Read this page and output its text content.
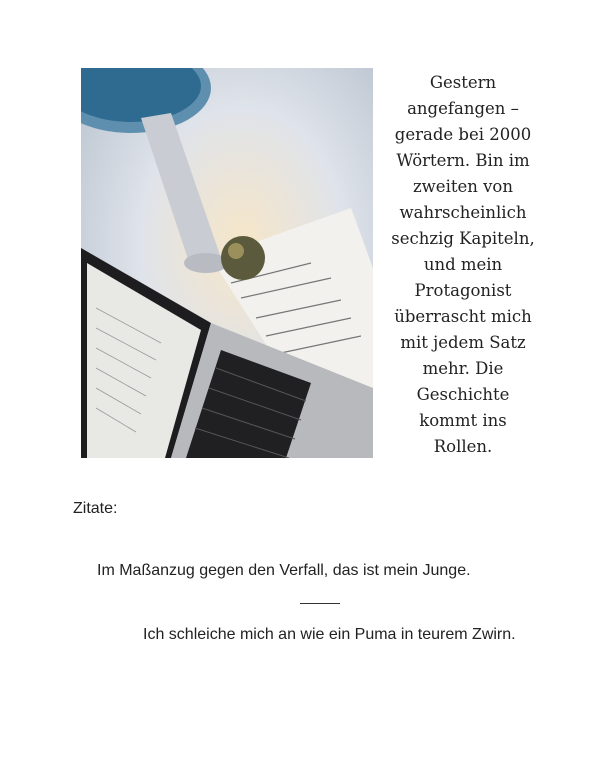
Gestern
angefangen –
gerade bei 2000
Wörtern. Bin im
zweiten von
wahrscheinlich
sechzig Kapiteln,
und mein
Protagonist
überrascht mich
mit jedem Satz
mehr. Die
Geschichte
kommt ins
Rollen.
Zitate:
Im Maßanzug gegen den Verfall, das ist mein Junge.
Ich schleiche mich an wie ein Puma in teurem Zwirn.
